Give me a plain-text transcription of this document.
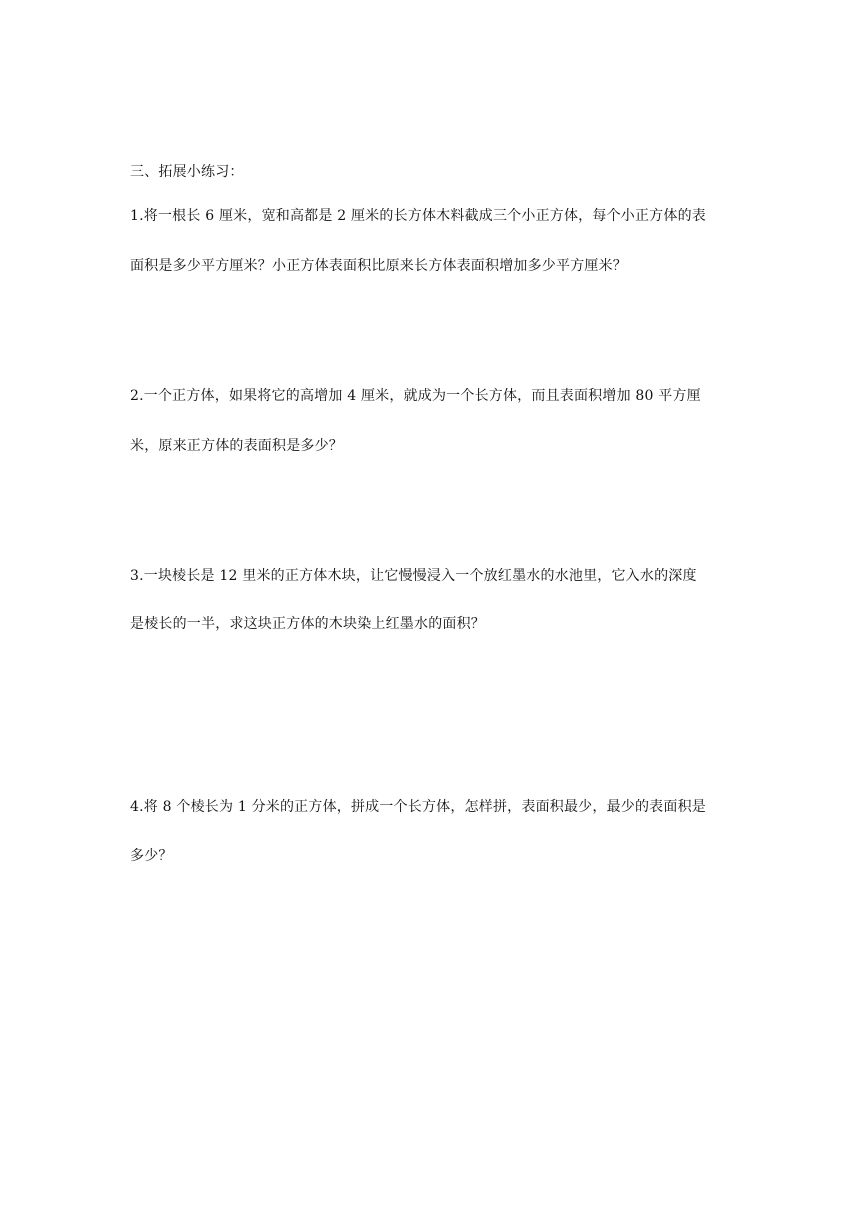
三、拓展小练习：
1.将一根长 6 厘米，宽和高都是 2 厘米的长方体木料截成三个小正方体，每个小正方体的表
面积是多少平方厘米？小正方体表面积比原来长方体表面积增加多少平方厘米？
2.一个正方体，如果将它的高增加 4 厘米，就成为一个长方体，而且表面积增加 80 平方厘
米，原来正方体的表面积是多少？
3.一块棱长是 12 里米的正方体木块，让它慢慢浸入一个放红墨水的水池里，它入水的深度
是棱长的一半，求这块正方体的木块染上红墨水的面积？
4.将 8 个棱长为 1 分米的正方体，拼成一个长方体，怎样拼，表面积最少，最少的表面积是
多少？
